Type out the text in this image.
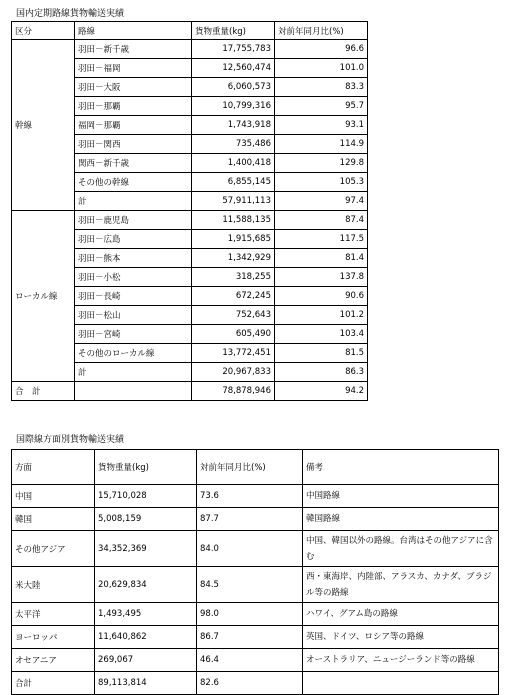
国内定期路線貨物輸送実績
区分	路線	貨物重量(kg)	対前年同月比(%)
幹線	羽田－新千歳	17,755,783	96.6
	羽田－福岡	12,560,474	101.0
	羽田－大阪	6,060,573	83.3
	羽田－那覇	10,799,316	95.7
	福岡－那覇	1,743,918	93.1
	羽田－関西	735,486	114.9
	関西－新千歳	1,400,418	129.8
	その他の幹線	6,855,145	105.3
	計	57,911,113	97.4
ローカル線	羽田－鹿児島	11,588,135	87.4
	羽田－広島	1,915,685	117.5
	羽田－熊本	1,342,929	81.4
	羽田－小松	318,255	137.8
	羽田－長崎	672,245	90.6
	羽田－松山	752,643	101.2
	羽田－宮崎	605,490	103.4
	その他のローカル線	13,772,451	81.5
	計	20,967,833	86.3
合　計		78,878,946	94.2
国際線方面別貨物輸送実績
方面	貨物重量(kg)	対前年同月比(%)	備考
中国	15,710,028	73.6	中国路線
韓国	5,008,159	87.7	韓国路線
その他アジア	34,352,369	84.0	中国、韓国以外の路線。台湾はその他アジアに含む
米大陸	20,629,834	84.5	西・東海岸、内陸部、アラスカ、カナダ、ブラジル等の路線
太平洋	1,493,495	98.0	ハワイ、グアム島の路線
ヨーロッパ	11,640,862	86.7	英国、ドイツ、ロシア等の路線
オセアニア	269,067	46.4	オーストラリア、ニュージーランド等の路線
合計	89,113,814	82.6	
